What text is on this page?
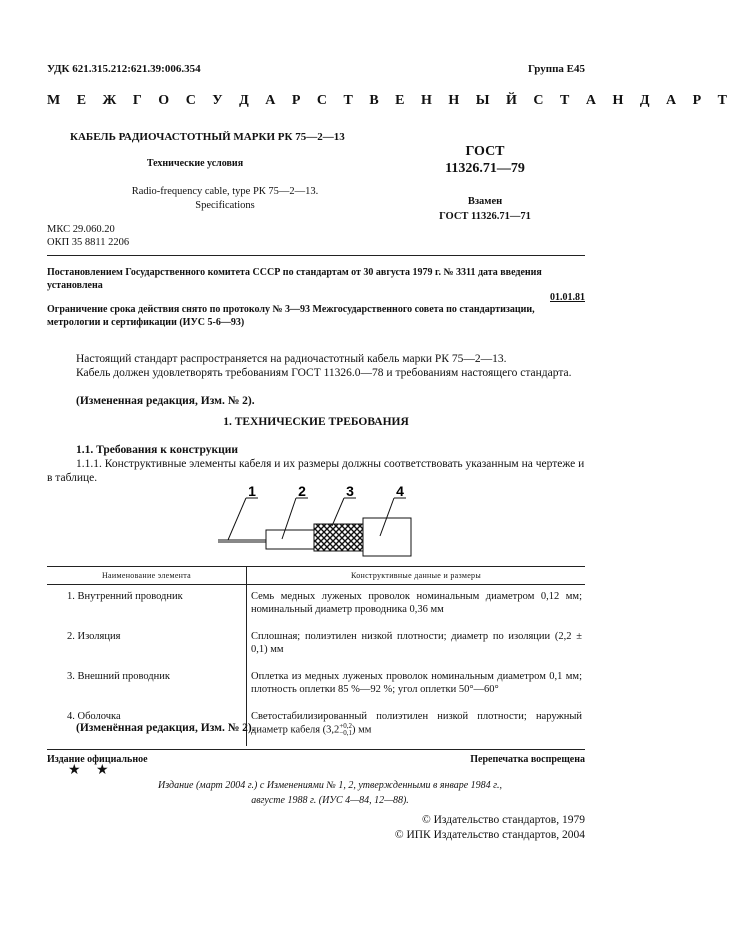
УДК 621.315.212:621.39:006.354	Группа Е45
М Е Ж Г О С У Д А Р С Т В Е Н Н Ы Й С Т А Н Д А Р Т
КАБЕЛЬ РАДИОЧАСТОТНЫЙ МАРКИ РК 75—2—13
Технические условия
Radio-frequency cable, type РК 75—2—13.
Specifications
ГОСТ
11326.71—79
Взамен
ГОСТ 11326.71—71
МКС 29.060.20
ОКП 35 8811 2206
Постановлением Государственного комитета СССР по стандартам от 30 августа 1979 г. № 3311 дата введения установлена
01.01.81
Ограничение срока действия снято по протоколу № 3—93 Межгосударственного совета по стандартизации, метрологии и сертификации (ИУС 5-6—93)
Настоящий стандарт распространяется на радиочастотный кабель марки РК 75—2—13.
Кабель должен удовлетворять требованиям ГОСТ 11326.0—78 и требованиям настоящего стандарта.
(Измененная редакция, Изм. № 2).
1. ТЕХНИЧЕСКИЕ ТРЕБОВАНИЯ
1.1. Требования к конструкции
1.1.1. Конструктивные элементы кабеля и их размеры должны соответствовать указанным на чертеже и в таблице.
1	2	3	4
Наименование элемента	Конструктивные данные и размеры
1. Внутренний проводник	Семь медных луженых проволок номинальным диаметром 0,12 мм; номинальный диаметр проводника 0,36 мм
2. Изоляция	Сплошная; полиэтилен низкой плотности; диаметр по изоляции (2,2 ± 0,1) мм
3. Внешний проводник	Оплетка из медных луженых проволок номинальным диаметром 0,1 мм; плотность оплетки 85 %—92 %; угол оплетки 50°—60°
4. Оболочка	Светостабилизированный полиэтилен низкой плотности; наружный диаметр кабеля (3,2+0,2
−0,1) мм
(Изменённая редакция, Изм. № 2).
Издание официальное	Перепечатка воспрещена
★ ★
Издание (март 2004 г.) с Изменениями № 1, 2, утвержденными в январе 1984 г.,
августе 1988 г. (ИУС 4—84, 12—88).
© Издательство стандартов, 1979
© ИПК Издательство стандартов, 2004
